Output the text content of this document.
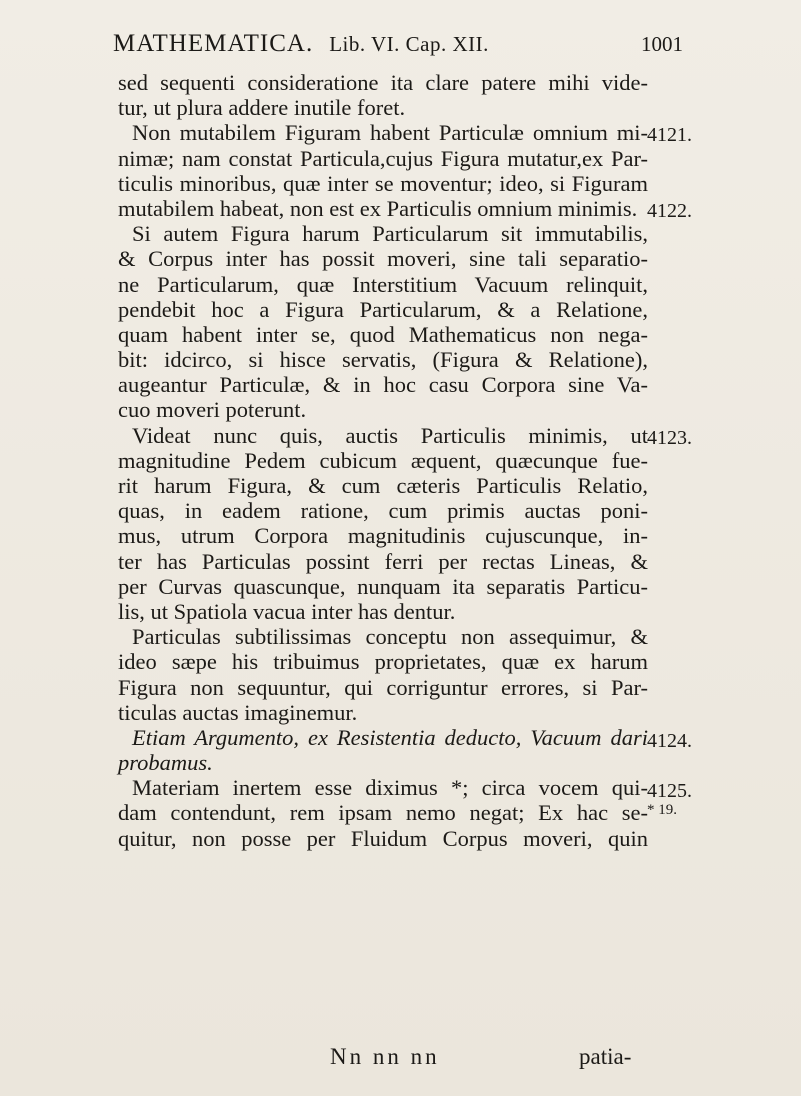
MATHEMATICA. Lib. VI. Cap. XII.	1001
sed sequenti consideratione ita clare patere mihi vide-
tur, ut plura addere inutile foret.
Non mutabilem Figuram habent Particulæ omnium mi-
nimæ; nam constat Particula,cujus Figura mutatur,ex Par-
ticulis minoribus, quæ inter se moventur; ideo, si Figuram
mutabilem habeat, non est ex Particulis omnium minimis.
Si autem Figura harum Particularum sit immutabilis,
& Corpus inter has possit moveri, sine tali separatio-
ne Particularum, quæ Interstitium Vacuum relinquit,
pendebit hoc a Figura Particularum, & a Relatione,
quam habent inter se, quod Mathematicus non nega-
bit: idcirco, si hisce servatis, (Figura & Relatione),
augeantur Particulæ, & in hoc casu Corpora sine Va-
cuo moveri poterunt.
Videat nunc quis, auctis Particulis minimis, ut
magnitudine Pedem cubicum æquent, quæcunque fue-
rit harum Figura, & cum cæteris Particulis Relatio,
quas, in eadem ratione, cum primis auctas poni-
mus, utrum Corpora magnitudinis cujuscunque, in-
ter has Particulas possint ferri per rectas Lineas, &
per Curvas quascunque, nunquam ita separatis Particu-
lis, ut Spatiola vacua inter has dentur.
Particulas subtilissimas conceptu non assequimur, &
ideo sæpe his tribuimus proprietates, quæ ex harum
Figura non sequuntur, qui corriguntur errores, si Par-
ticulas auctas imaginemur.
Etiam Argumento, ex Resistentia deducto, Vacuum dari
probamus.
Materiam inertem esse diximus *; circa vocem qui-
dam contendunt, rem ipsam nemo negat; Ex hac se-
quitur, non posse per Fluidum Corpus moveri, quin
4121.
4122.
4123.
4124.
4125.
* 19.
Nn nn nn	patia-
